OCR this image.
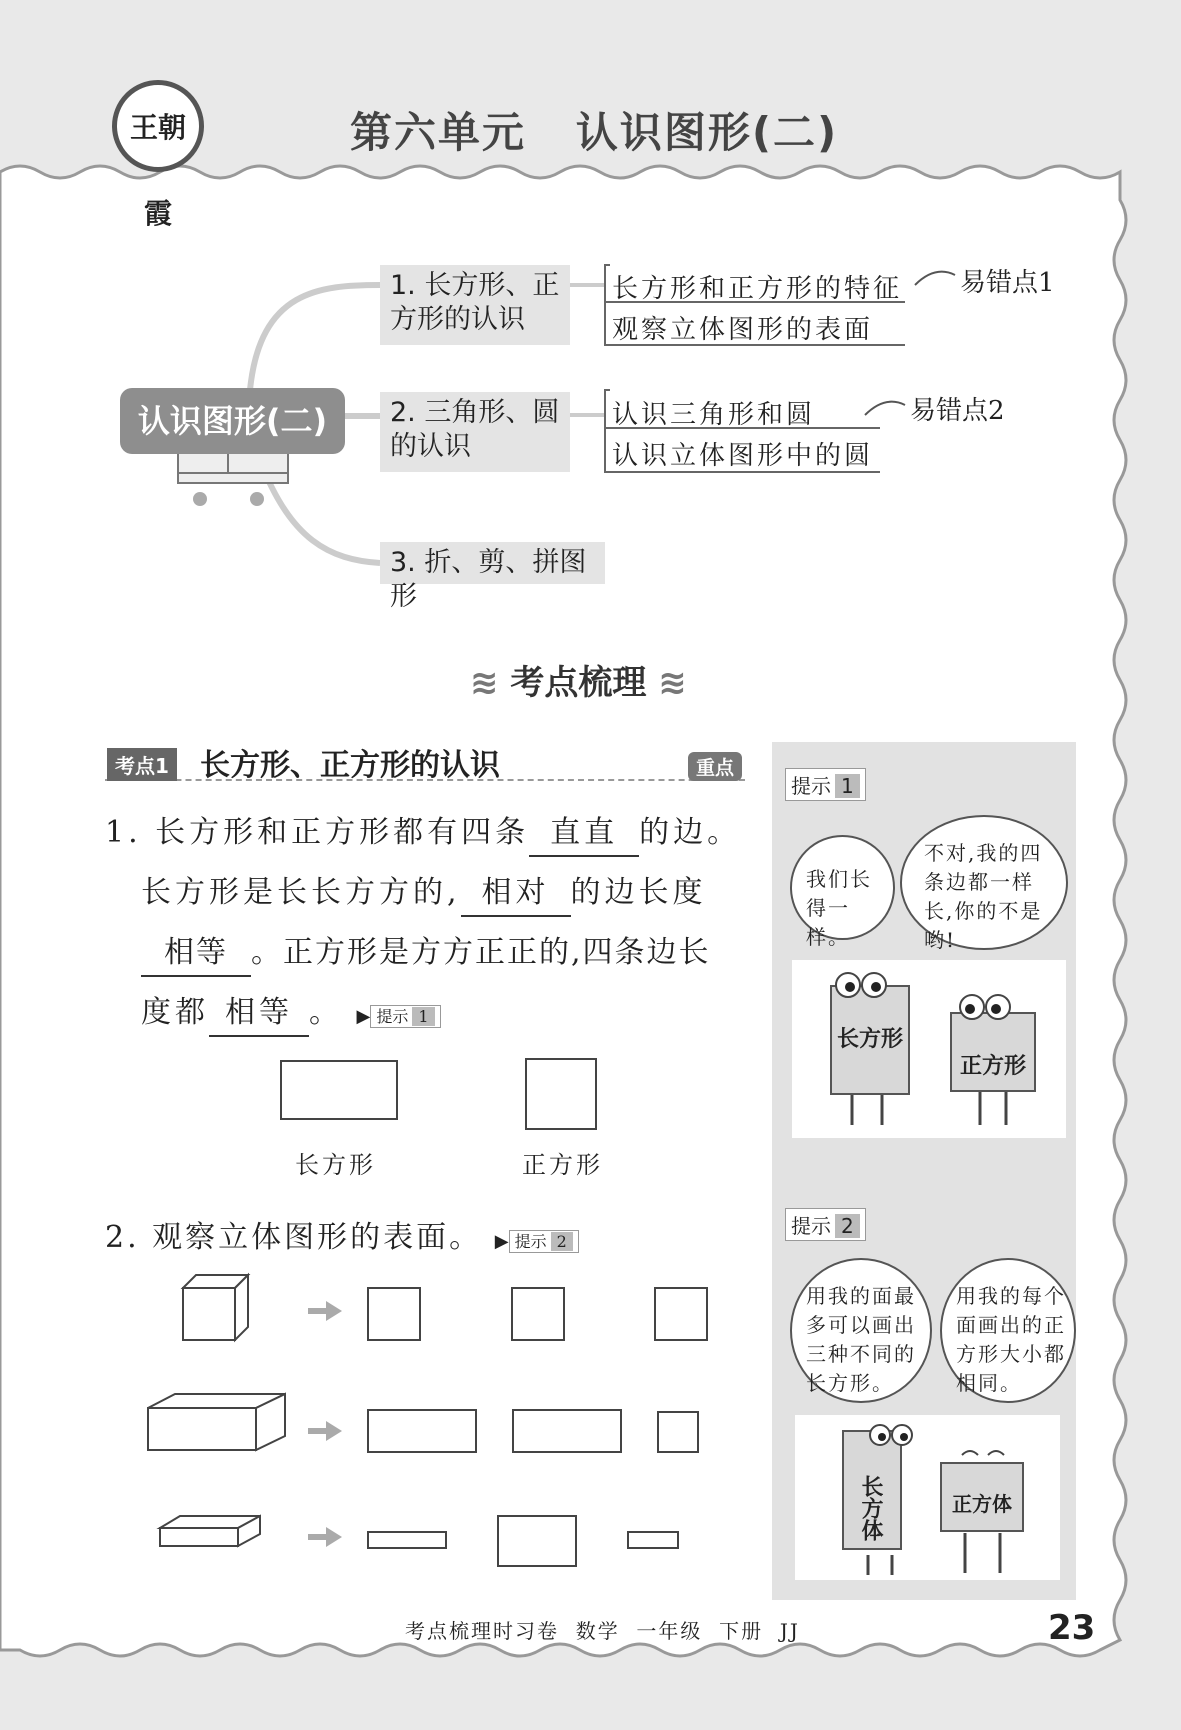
王朝霞
第六单元   认识图形(二)
认识图形(二)
1. 长方形、正
方形的认识
长方形和正方形的特征
观察立体图形的表面
易错点1
2. 三角形、圆
的认识
认识三角形和圆
认识立体图形中的圆
易错点2
3. 折、剪、拼图形
≋ 考点梳理 ≋
考点1 长方形、正方形的认识	重点
1. 长方形和正方形都有四条 直直 的边。
长方形是长长方方的, 相对 的边长度
相等 。正方形是方方正正的,四条边长
度都 相等 。 ▶ 提示 1
长方形	正方形
2. 观察立体图形的表面。 ▶ 提示 2
提示 1
我们长得一样。
不对,我的四条边都一样长,你的不是哟!
长方形
正方形
提示 2
用我的面最多可以画出三种不同的长方形。
用我的每个面画出的正方形大小都相同。
长方体	正方体
考点梳理时习卷  数学  一年级  下册  JJ	23
